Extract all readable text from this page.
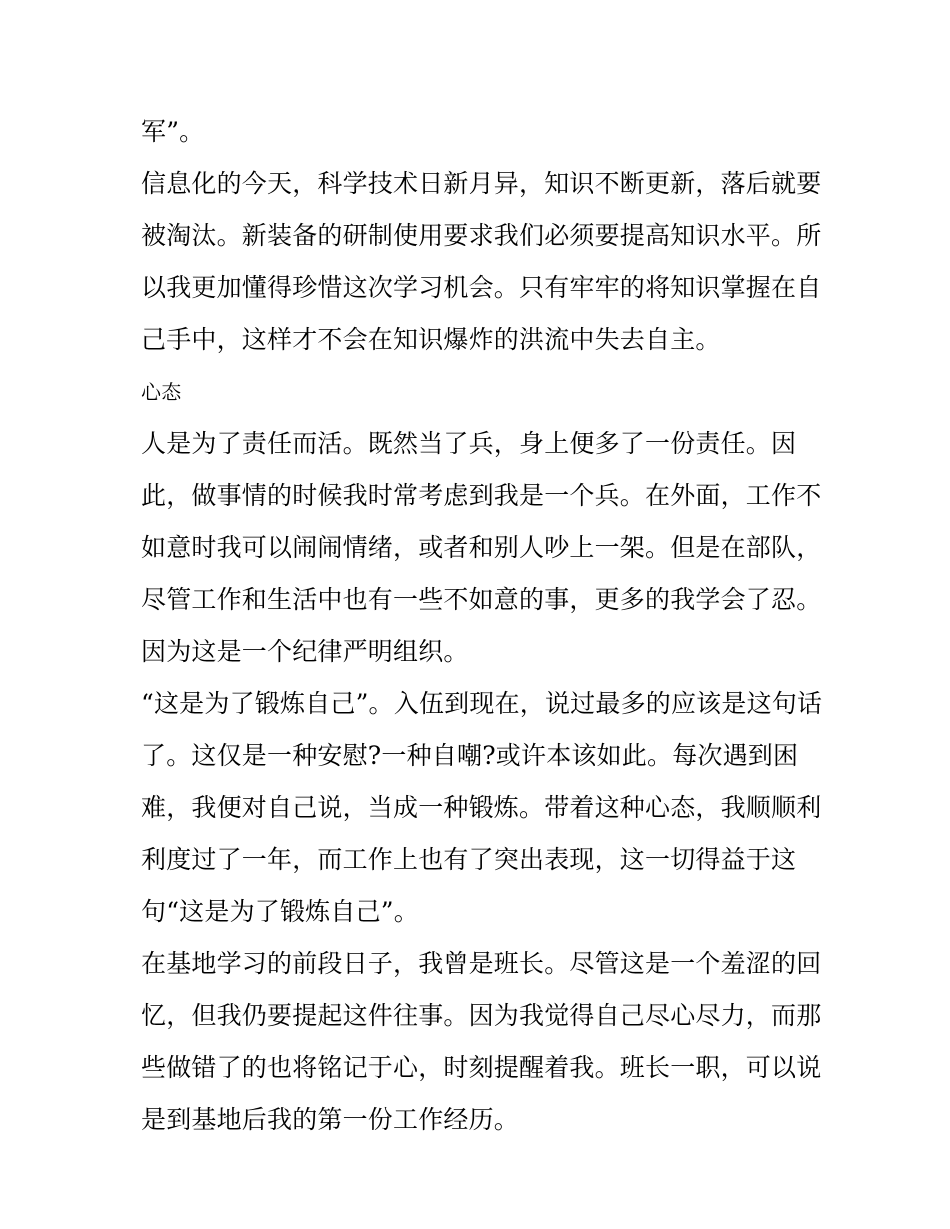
军”。
信息化的今天，科学技术日新月异，知识不断更新，落后就要
被淘汰。新装备的研制使用要求我们必须要提高知识水平。所
以我更加懂得珍惜这次学习机会。只有牢牢的将知识掌握在自
己手中，这样才不会在知识爆炸的洪流中失去自主。
心态
人是为了责任而活。既然当了兵，身上便多了一份责任。因
此，做事情的时候我时常考虑到我是一个兵。在外面，工作不
如意时我可以闹闹情绪，或者和别人吵上一架。但是在部队，
尽管工作和生活中也有一些不如意的事，更多的我学会了忍。
因为这是一个纪律严明组织。
“这是为了锻炼自己”。入伍到现在，说过最多的应该是这句话
了。这仅是一种安慰?一种自嘲?或许本该如此。每次遇到困
难，我便对自己说，当成一种锻炼。带着这种心态，我顺顺利
利度过了一年，而工作上也有了突出表现，这一切得益于这
句“这是为了锻炼自己”。
在基地学习的前段日子，我曾是班长。尽管这是一个羞涩的回
忆，但我仍要提起这件往事。因为我觉得自己尽心尽力，而那
些做错了的也将铭记于心，时刻提醒着我。班长一职，可以说
是到基地后我的第一份工作经历。
